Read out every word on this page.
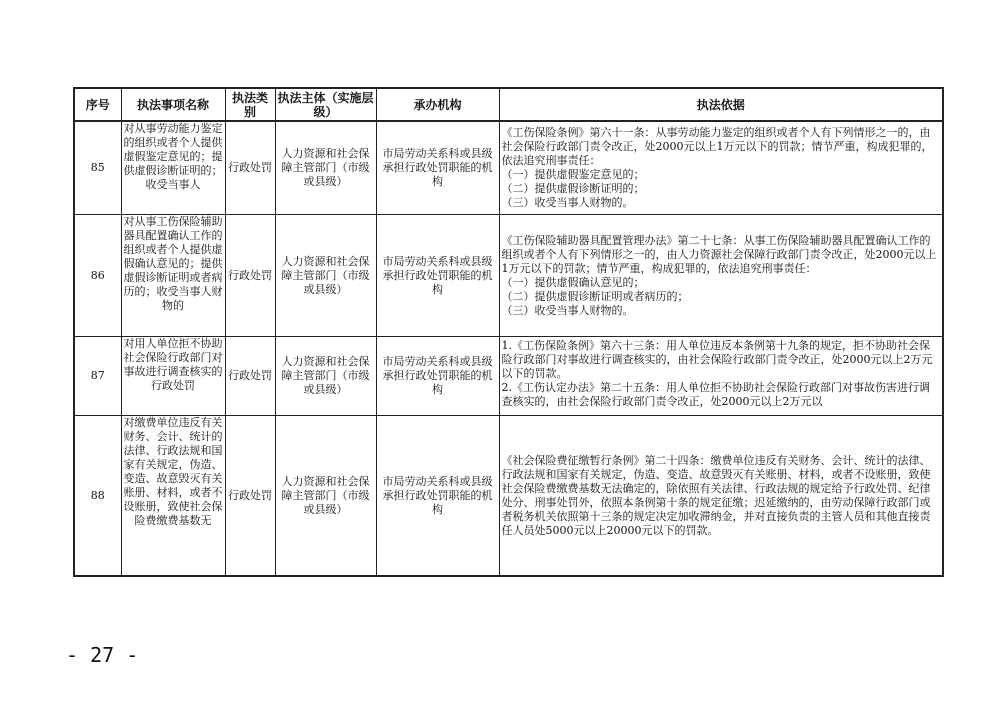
序号	执法事项名称	执法类别	执法主体（实施层级）	承办机构	执法依据
85	对从事劳动能力鉴定的组织或者个人提供虚假鉴定意见的；提供虚假诊断证明的；收受当事人	行政处罚	人力资源和社会保障主管部门（市级或县级）	市局劳动关系科或县级承担行政处罚职能的机构	《工伤保险条例》第六十一条：从事劳动能力鉴定的组织或者个人有下列情形之一的，由社会保险行政部门责令改正，处2000元以上1万元以下的罚款；情节严重，构成犯罪的，依法追究刑事责任：
（一）提供虚假鉴定意见的；
（二）提供虚假诊断证明的；
（三）收受当事人财物的。

86	对从事工伤保险辅助器具配置确认工作的组织或者个人提供虚假确认意见的；提供虚假诊断证明或者病历的；收受当事人财物的	行政处罚	人力资源和社会保障主管部门（市级或县级）	市局劳动关系科或县级承担行政处罚职能的机构	《工伤保险辅助器具配置管理办法》第二十七条：从事工伤保险辅助器具配置确认工作的组织或者个人有下列情形之一的，由人力资源社会保障行政部门责令改正，处2000元以上1万元以下的罚款；情节严重，构成犯罪的，依法追究刑事责任：
（一）提供虚假确认意见的；
（二）提供虚假诊断证明或者病历的；
（三）收受当事人财物的。

87	对用人单位拒不协助社会保险行政部门对事故进行调查核实的行政处罚	行政处罚	人力资源和社会保障主管部门（市级或县级）	市局劳动关系科或县级承担行政处罚职能的机构	1.《工伤保险条例》第六十三条：用人单位违反本条例第十九条的规定，拒不协助社会保险行政部门对事故进行调查核实的，由社会保险行政部门责令改正，处2000元以上2万元以下的罚款。
2.《工伤认定办法》第二十五条：用人单位拒不协助社会保险行政部门对事故伤害进行调查核实的，由社会保险行政部门责令改正，处2000元以上2万元以

88	对缴费单位违反有关财务、会计、统计的法律、行政法规和国家有关规定，伪造、变造、故意毁灭有关账册、材料，或者不设账册，致使社会保险费缴费基数无	行政处罚	人力资源和社会保障主管部门（市级或县级）	市局劳动关系科或县级承担行政处罚职能的机构	《社会保险费征缴暂行条例》第二十四条：缴费单位违反有关财务、会计、统计的法律、行政法规和国家有关规定，伪造、变造、故意毁灭有关账册、材料，或者不设账册，致使社会保险费缴费基数无法确定的，除依照有关法律、行政法规的规定给予行政处罚、纪律处分、刑事处罚外，依照本条例第十条的规定征缴；迟延缴纳的，由劳动保障行政部门或者税务机关依照第十三条的规定决定加收滞纳金，并对直接负责的主管人员和其他直接责任人员处5000元以上20000元以下的罚款。
- 27 -
